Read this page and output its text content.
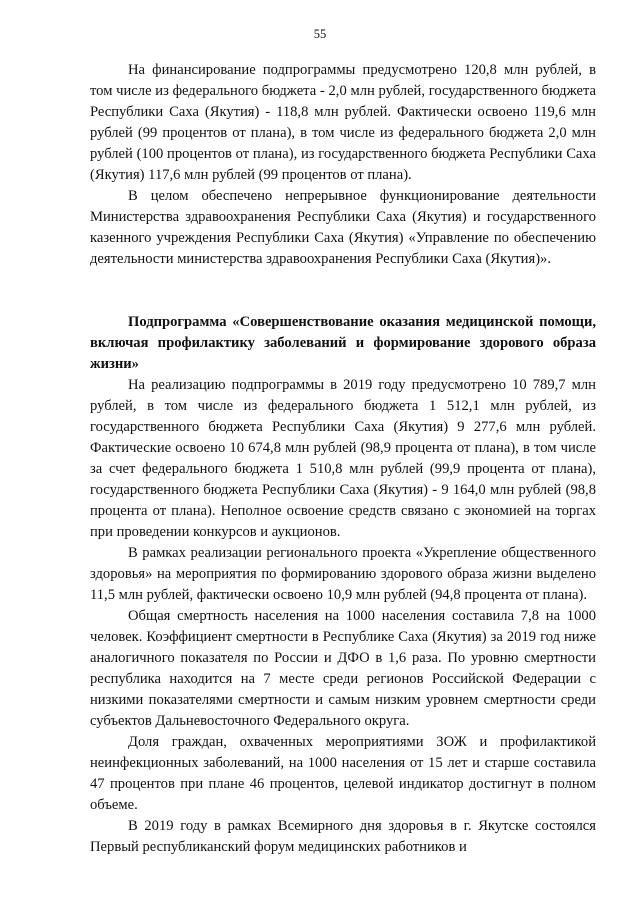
55

На финансирование подпрограммы предусмотрено 120,8 млн рублей, в том числе из федерального бюджета - 2,0 млн рублей, государственного бюджета Республики Саха (Якутия) - 118,8 млн рублей. Фактически освоено 119,6 млн рублей (99 процентов от плана), в том числе из федерального бюджета 2,0 млн рублей (100 процентов от плана), из государственного бюджета Республики Саха (Якутия) 117,6 млн рублей (99 процентов от плана).

В целом обеспечено непрерывное функционирование деятельности Министерства здравоохранения Республики Саха (Якутия) и государственного казенного учреждения Республики Саха (Якутия) «Управление по обеспечению деятельности министерства здравоохранения Республики Саха (Якутия)».

Подпрограмма «Совершенствование оказания медицинской помощи, включая профилактику заболеваний и формирование здорового образа жизни»

На реализацию подпрограммы в 2019 году предусмотрено 10 789,7 млн рублей, в том числе из федерального бюджета 1 512,1 млн рублей, из государственного бюджета Республики Саха (Якутия) 9 277,6 млн рублей. Фактические освоено 10 674,8 млн рублей (98,9 процента от плана), в том числе за счет федерального бюджета 1 510,8 млн рублей (99,9 процента от плана), государственного бюджета Республики Саха (Якутия) - 9 164,0 млн рублей (98,8 процента от плана). Неполное освоение средств связано с экономией на торгах при проведении конкурсов и аукционов.

В рамках реализации регионального проекта «Укрепление общественного здоровья» на мероприятия по формированию здорового образа жизни выделено 11,5 млн рублей, фактически освоено 10,9 млн рублей (94,8 процента от плана).

Общая смертность населения на 1000 населения составила 7,8 на 1000 человек. Коэффициент смертности в Республике Саха (Якутия) за 2019 год ниже аналогичного показателя по России и ДФО в 1,6 раза. По уровню смертности республика находится на 7 месте среди регионов Российской Федерации с низкими показателями смертности и самым низким уровнем смертности среди субъектов Дальневосточного Федерального округа.

Доля граждан, охваченных мероприятиями ЗОЖ и профилактикой неинфекционных заболеваний, на 1000 населения от 15 лет и старше составила 47 процентов при плане 46 процентов, целевой индикатор достигнут в полном объеме.

В 2019 году в рамках Всемирного дня здоровья в г. Якутске состоялся Первый республиканский форум медицинских работников и
